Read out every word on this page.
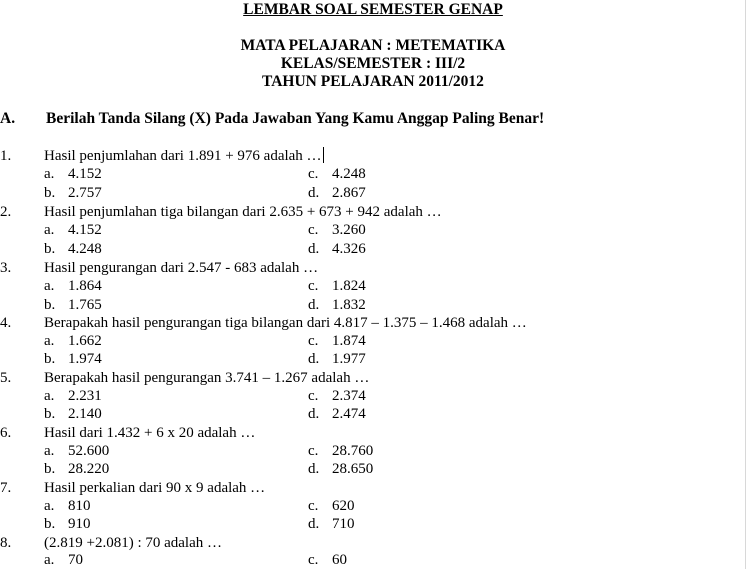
LEMBAR SOAL SEMESTER GENAP
MATA PELAJARAN : METEMATIKA
KELAS/SEMESTER : III/2
TAHUN PELAJARAN 2011/2012
A. Berilah Tanda Silang (X) Pada Jawaban Yang Kamu Anggap Paling Benar!
1. Hasil penjumlahan dari 1.891 + 976 adalah …
a. 4.152	c. 4.248
b. 2.757	d. 2.867
2. Hasil penjumlahan tiga bilangan dari 2.635 + 673 + 942 adalah …
a. 4.152	c. 3.260
b. 4.248	d. 4.326
3. Hasil pengurangan dari 2.547 - 683 adalah …
a. 1.864	c. 1.824
b. 1.765	d. 1.832
4. Berapakah hasil pengurangan tiga bilangan dari 4.817 – 1.375 – 1.468 adalah …
a. 1.662	c. 1.874
b. 1.974	d. 1.977
5. Berapakah hasil pengurangan 3.741 – 1.267 adalah …
a. 2.231	c. 2.374
b. 2.140	d. 2.474
6. Hasil dari 1.432 + 6 x 20 adalah …
a. 52.600	c. 28.760
b. 28.220	d. 28.650
7. Hasil perkalian dari 90 x 9 adalah …
a. 810	c. 620
b. 910	d. 710
8. (2.819 +2.081) : 70 adalah …
a. 70	c. 60
